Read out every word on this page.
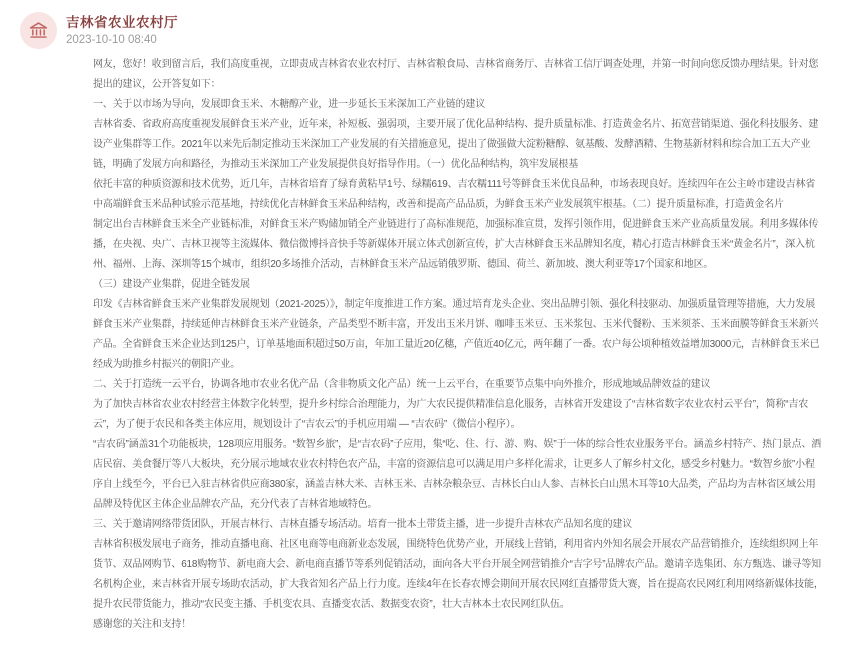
吉林省农业农村厅
2023-10-10 08:40

网友，您好！收到留言后，我们高度重视，立即责成吉林省农业农村厅、吉林省粮食局、吉林省商务厅、吉林省工信厅调查处理，并第一时间向您反馈办理结果。针对您提出的建议，公开答复如下：

一、关于以市场为导向，发展即食玉米、木糖醇产业，进一步延长玉米深加工产业链的建议

吉林省委、省政府高度重视发展鲜食玉米产业，近年来，补短板、强弱项，主要开展了优化品种结构、提升质量标准、打造黄金名片、拓宽营销渠道、强化科技服务、建设产业集群等工作。2021年以来先后制定推动玉米深加工产业发展的有关措施意见，提出了做强做大淀粉糖醇、氨基酸、发酵酒精、生物基新材料和综合加工五大产业链，明确了发展方向和路径，为推动玉米深加工产业发展提供良好指导作用。（一）优化品种结构，筑牢发展根基

依托丰富的种质资源和技术优势，近几年，吉林省培育了绿育黄粘早1号、绿糯619、吉农糯111号等鲜食玉米优良品种，市场表现良好。连续四年在公主岭市建设吉林省中高端鲜食玉米品种试验示范基地，持续优化吉林鲜食玉米品种结构，改善和提高产品品质，为鲜食玉米产业发展筑牢根基。（二）提升质量标准，打造黄金名片

制定出台吉林鲜食玉米全产业链标准，对鲜食玉米产购储加销全产业链进行了高标准规范，加强标准宣贯，发挥引领作用，促进鲜食玉米产业高质量发展。利用多媒体传播，在央视、央广、吉林卫视等主流媒体、微信微博抖音快手等新媒体开展立体式创新宣传，扩大吉林鲜食玉米品牌知名度，精心打造吉林鲜食玉米“黄金名片”，深入杭州、福州、上海、深圳等15个城市，组织20多场推介活动，吉林鲜食玉米产品远销俄罗斯、德国、荷兰、新加坡、澳大利亚等17个国家和地区。

（三）建设产业集群，促进全链发展

印发《吉林省鲜食玉米产业集群发展规划（2021-2025）》，制定年度推进工作方案。通过培育龙头企业、突出品牌引领、强化科技驱动、加强质量管理等措施，大力发展鲜食玉米产业集群，持续延伸吉林鲜食玉米产业链条，产品类型不断丰富，开发出玉米月饼、咖啡玉米豆、玉米浆包、玉米代餐粉、玉米须茶、玉米面膜等鲜食玉米新兴产品。全省鲜食玉米企业达到125户，订单基地面积超过50万亩，年加工量近20亿穗，产值近40亿元，两年翻了一番。农户每公顷种植效益增加3000元，吉林鲜食玉米已经成为助推乡村振兴的朝阳产业。

二、关于打造统一云平台，协调各地市农业名优产品（含非物质文化产品）统一上云平台，在重要节点集中向外推介，形成地域品牌效益的建议

为了加快吉林省农业农村经营主体数字化转型，提升乡村综合治理能力，为广大农民提供精准信息化服务，吉林省开发建设了“吉林省数字农业农村云平台”，简称“吉农云”，为了便于农民和各类主体应用，规划设计了“吉农云”的手机应用端 — “吉农码”（微信小程序）。

“吉农码”涵盖31个功能板块，128项应用服务。“数智乡旅”，是“吉农码”子应用，集“吃、住、行、游、购、娱”于一体的综合性农业服务平台。涵盖乡村特产、热门景点、酒店民宿、美食餐厅等八大板块，充分展示地域农业农村特色农产品，丰富的资源信息可以满足用户多样化需求，让更多人了解乡村文化，感受乡村魅力。“数智乡旅”小程序自上线至今，平台已入驻吉林省供应商380家，涵盖吉林大米、吉林玉米、吉林杂粮杂豆、吉林长白山人参、吉林长白山黑木耳等10大品类，产品均为吉林省区域公用品牌及特优区主体企业品牌农产品，充分代表了吉林省地域特色。

三、关于邀请网络带货团队，开展吉林行、吉林直播专场活动。培育一批本土带货主播，进一步提升吉林农产品知名度的建议

吉林省积极发展电子商务，推动直播电商、社区电商等电商新业态发展，围绕特色优势产业，开展线上营销，利用省内外知名展会开展农产品营销推介，连续组织网上年货节、双品网购节、618购物节、新电商大会、新电商直播节等系列促销活动，面向各大平台开展全网营销推介“吉字号”品牌农产品。邀请辛选集团、东方甄选、谦寻等知名机构企业，来吉林省开展专场助农活动，扩大我省知名产品上行力度。连续4年在长春农博会期间开展农民网红直播带货大赛，旨在提高农民网红利用网络新媒体技能，提升农民带货能力，推动“农民变主播、手机变农具、直播变农活、数据变农资”，壮大吉林本土农民网红队伍。

感谢您的关注和支持！
